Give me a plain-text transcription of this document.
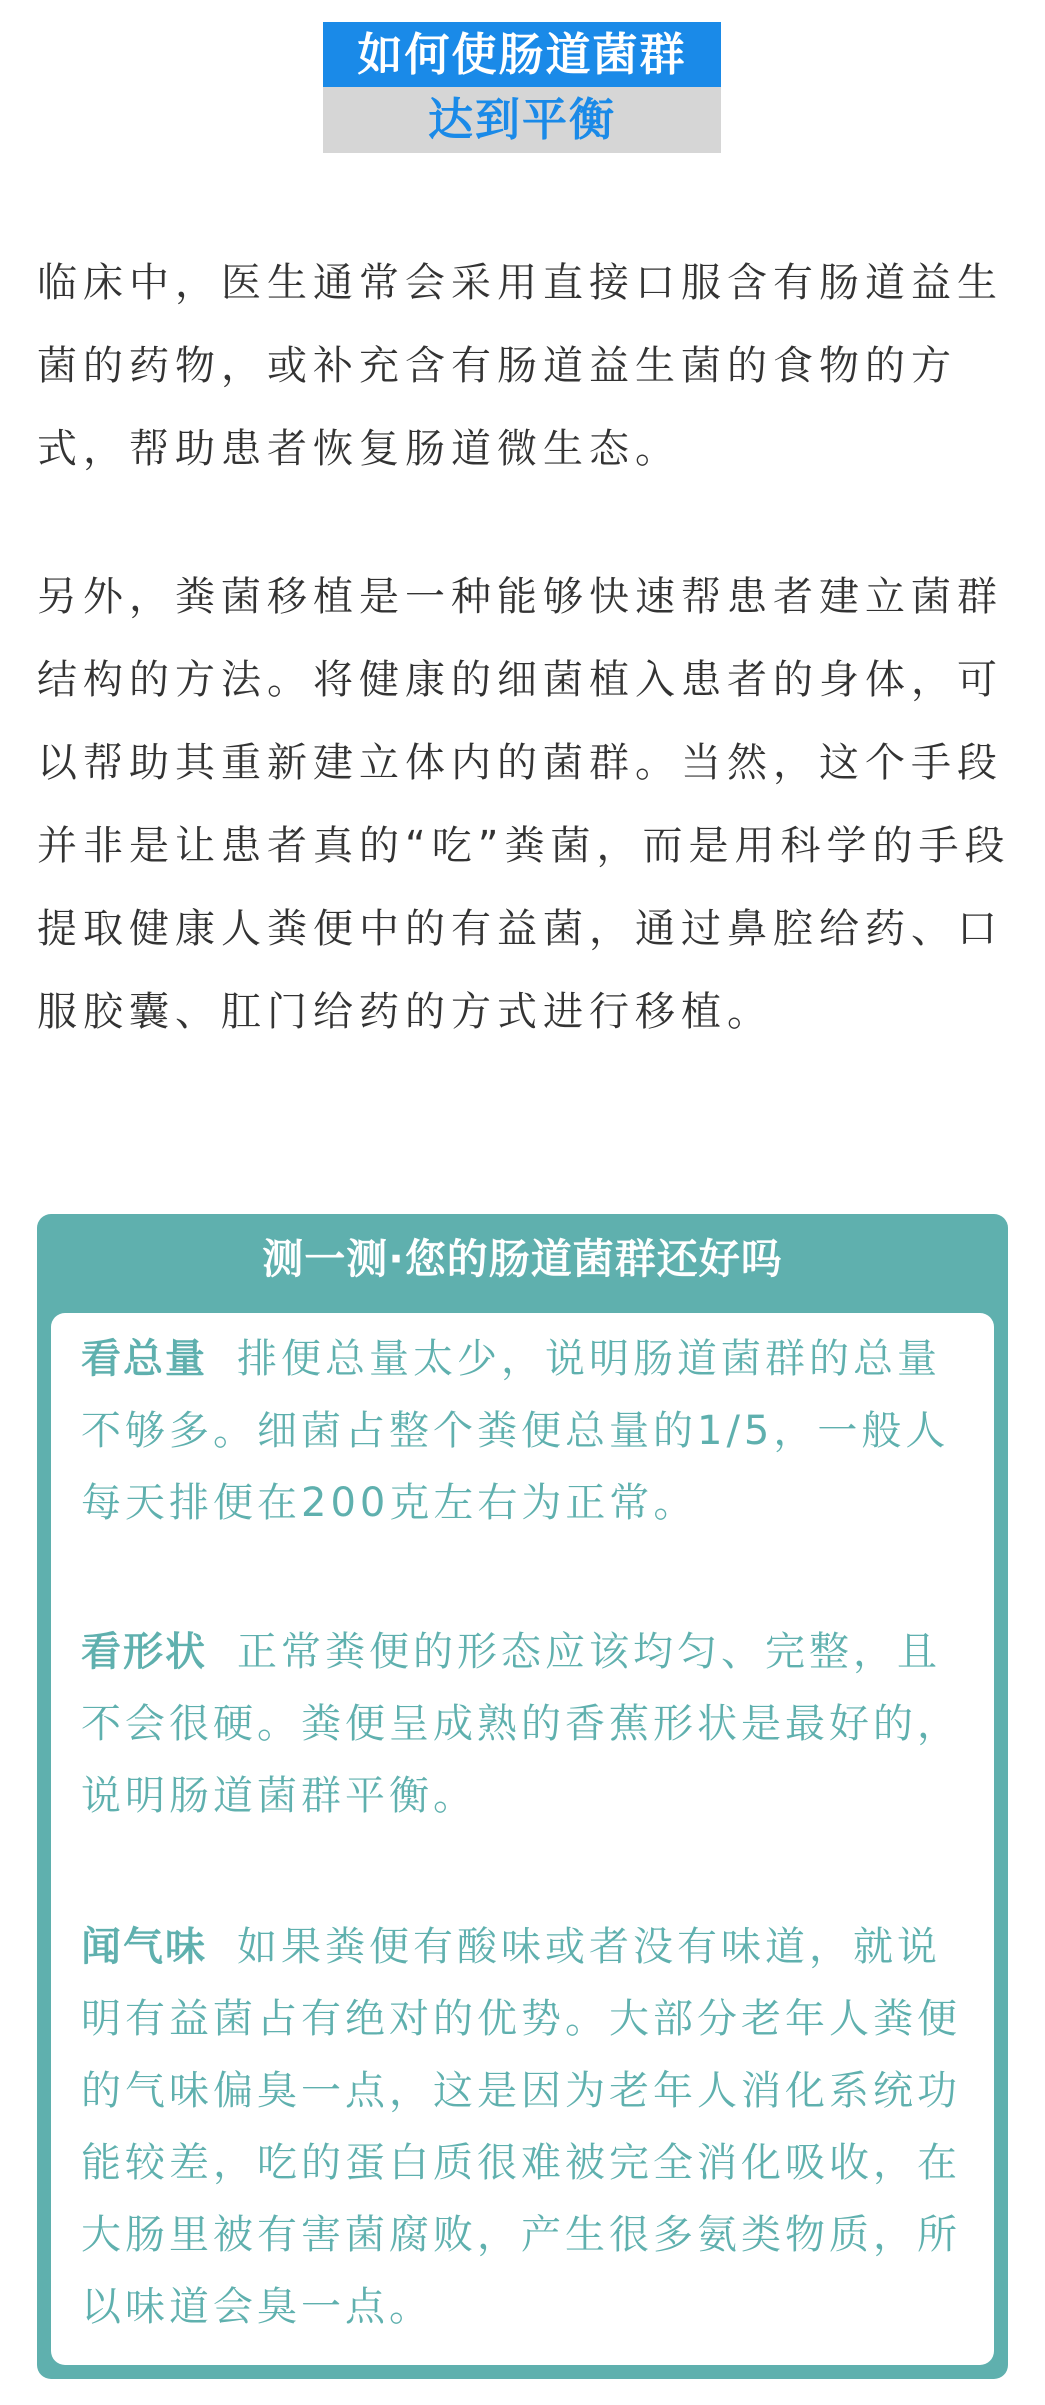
如何使肠道菌群
达到平衡

临床中，医生通常会采用直接口服含有肠道益生菌的药物，或补充含有肠道益生菌的食物的方式，帮助患者恢复肠道微生态。

另外，粪菌移植是一种能够快速帮患者建立菌群结构的方法。将健康的细菌植入患者的身体，可以帮助其重新建立体内的菌群。当然，这个手段并非是让患者真的“吃”粪菌，而是用科学的手段提取健康人粪便中的有益菌，通过鼻腔给药、口服胶囊、肛门给药的方式进行移植。

测一测·您的肠道菌群还好吗

看总量 排便总量太少，说明肠道菌群的总量不够多。细菌占整个粪便总量的1/5，一般人每天排便在200克左右为正常。

看形状 正常粪便的形态应该均匀、完整，且不会很硬。粪便呈成熟的香蕉形状是最好的，说明肠道菌群平衡。

闻气味 如果粪便有酸味或者没有味道，就说明有益菌占有绝对的优势。大部分老年人粪便的气味偏臭一点，这是因为老年人消化系统功能较差，吃的蛋白质很难被完全消化吸收，在大肠里被有害菌腐败，产生很多氨类物质，所以味道会臭一点。
